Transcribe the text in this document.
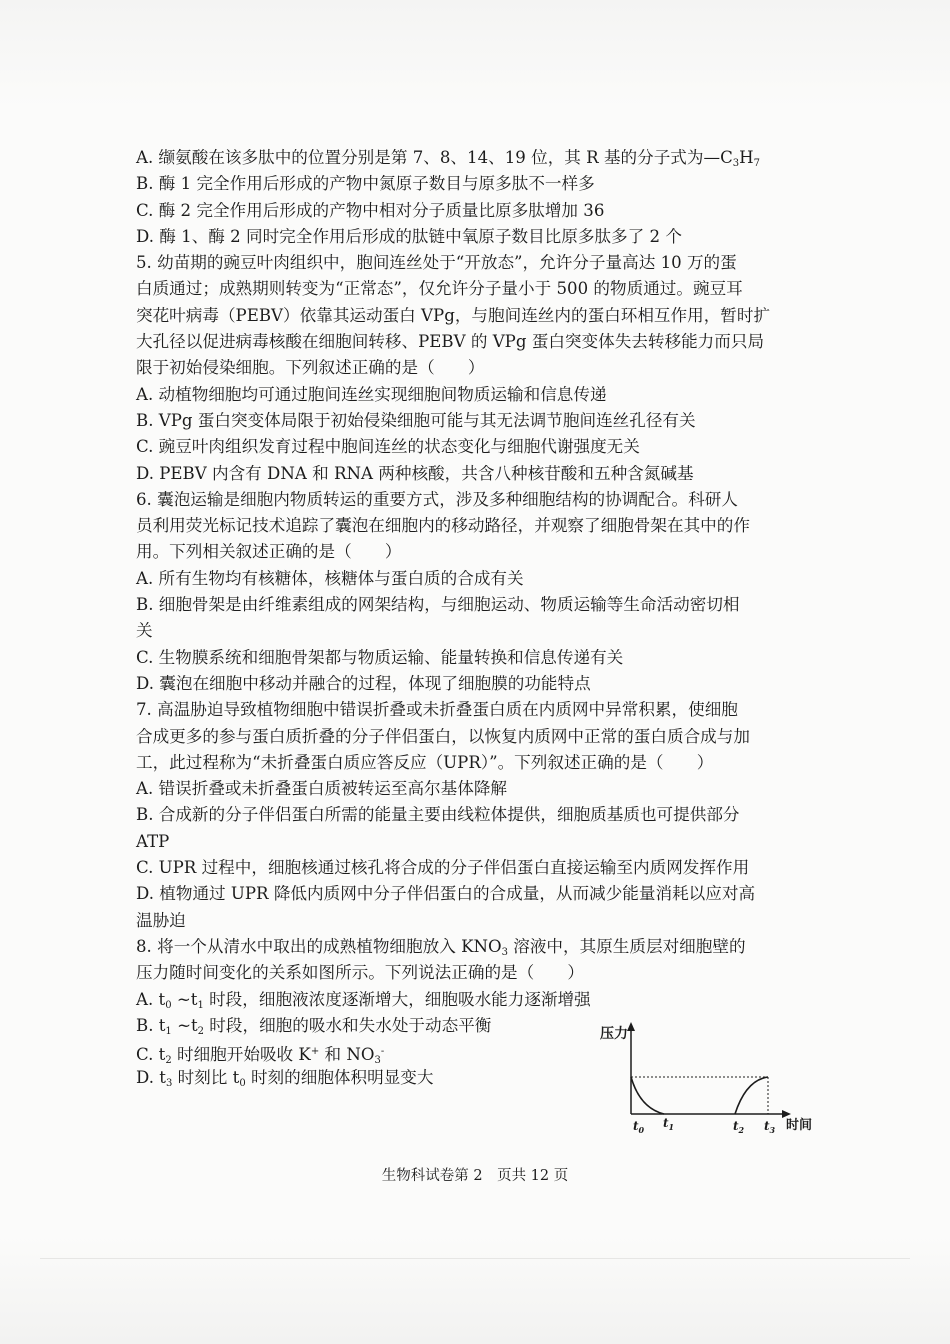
A. 缬氨酸在该多肽中的位置分别是第 7、8、14、19 位，其 R 基的分子式为$—C_3H_7$
B. 酶 1 完全作用后形成的产物中氮原子数目与原多肽不一样多
C. 酶 2 完全作用后形成的产物中相对分子质量比原多肽增加 36
D. 酶 1、酶 2 同时完全作用后形成的肽链中氧原子数目比原多肽多了 2 个
5. 幼苗期的豌豆叶肉组织中，胞间连丝处于“开放态”，允许分子量高达 10 万的蛋
白质通过；成熟期则转变为“正常态”，仅允许分子量小于 500 的物质通过。豌豆耳
突花叶病毒（PEBV）依靠其运动蛋白 VPg，与胞间连丝内的蛋白环相互作用，暂时扩
大孔径以促进病毒核酸在细胞间转移、PEBV 的 VPg 蛋白突变体失去转移能力而只局
限于初始侵染细胞。下列叙述正确的是（　　）
A. 动植物细胞均可通过胞间连丝实现细胞间物质运输和信息传递
B. VPg 蛋白突变体局限于初始侵染细胞可能与其无法调节胞间连丝孔径有关
C. 豌豆叶肉组织发育过程中胞间连丝的状态变化与细胞代谢强度无关
D. PEBV 内含有 DNA 和 RNA 两种核酸，共含八种核苷酸和五种含氮碱基
6. 囊泡运输是细胞内物质转运的重要方式，涉及多种细胞结构的协调配合。科研人
员利用荧光标记技术追踪了囊泡在细胞内的移动路径，并观察了细胞骨架在其中的作
用。下列相关叙述正确的是（　　）
A. 所有生物均有核糖体，核糖体与蛋白质的合成有关
B. 细胞骨架是由纤维素组成的网架结构，与细胞运动、物质运输等生命活动密切相
关
C. 生物膜系统和细胞骨架都与物质运输、能量转换和信息传递有关
D. 囊泡在细胞中移动并融合的过程，体现了细胞膜的功能特点
7. 高温胁迫导致植物细胞中错误折叠或未折叠蛋白质在内质网中异常积累，使细胞
合成更多的参与蛋白质折叠的分子伴侣蛋白，以恢复内质网中正常的蛋白质合成与加
工，此过程称为“未折叠蛋白质应答反应（UPR）”。下列叙述正确的是（　　）
A. 错误折叠或未折叠蛋白质被转运至高尔基体降解
B. 合成新的分子伴侣蛋白所需的能量主要由线粒体提供，细胞质基质也可提供部分
ATP
C. UPR 过程中，细胞核通过核孔将合成的分子伴侣蛋白直接运输至内质网发挥作用
D. 植物通过 UPR 降低内质网中分子伴侣蛋白的合成量，从而减少能量消耗以应对高
温胁迫
8. 将一个从清水中取出的成熟植物细胞放入 $KNO_3$ 溶液中，其原生质层对细胞壁的
压力随时间变化的关系如图所示。下列说法正确的是（　　）
A. $t_0$ $\sim t_1$ 时段，细胞液浓度逐渐增大，细胞吸水能力逐渐增强
B. $t_1$ $\sim t_2$ 时段，细胞的吸水和失水处于动态平衡
C. $t_2$ 时细胞开始吸收 K+ 和 $NO_3^-$
D. $t_3$ 时刻比 $t_0$ 时刻的细胞体积明显变大
压力
$t_0$ $t_1$	$t_2$ $t_3$ 时间
生物科试卷第 2　页共 12 页
